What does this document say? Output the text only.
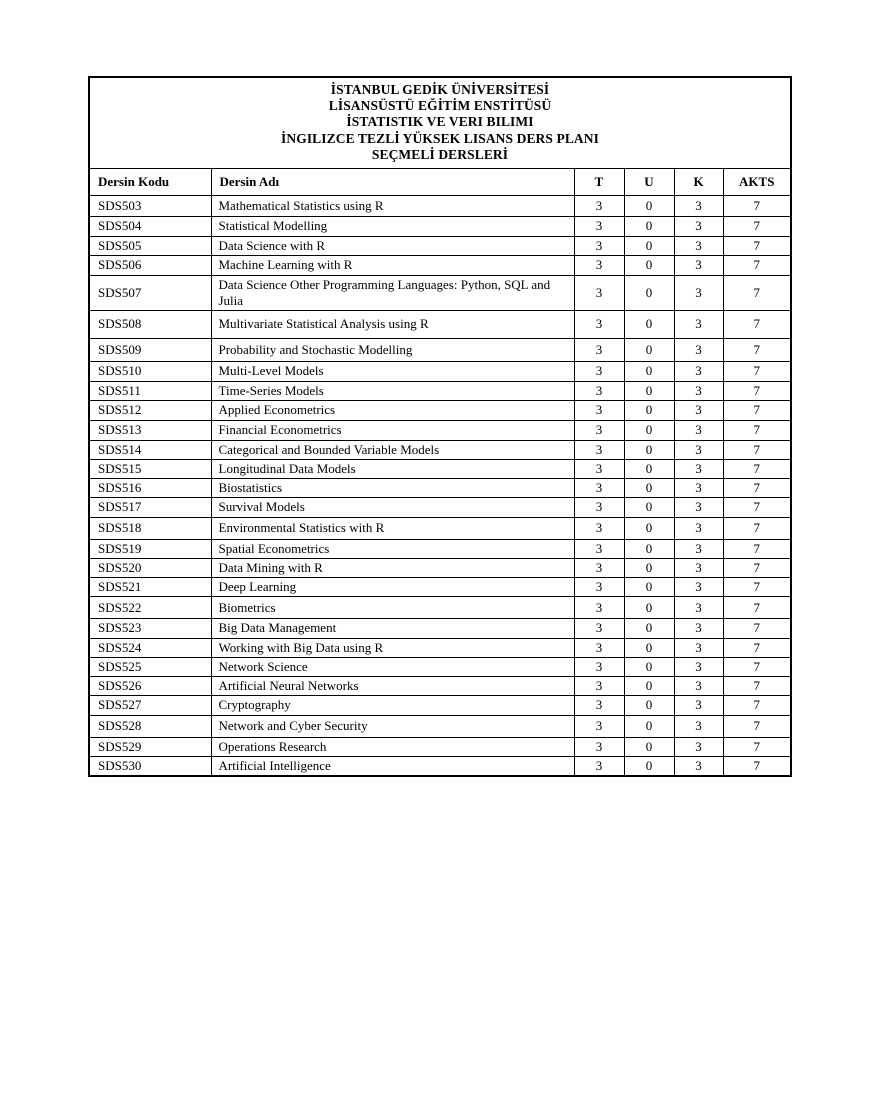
İSTANBUL GEDİK ÜNİVERSİTESİ
LİSANSÜSTÜ EĞİTİM ENSTİTÜSÜ
İSTATISTIK VE VERI BILIMI
İNGILIZCE TEZLİ YÜKSEK LISANS DERS PLANI
SEÇMELİ DERSLERİ					

Dersin Kodu	Dersin Adı	T	U	K	AKTS
SDS503	Mathematical Statistics using R	3	0	3	7
SDS504	Statistical Modelling	3	0	3	7
SDS505	Data Science with R	3	0	3	7
SDS506	Machine Learning with R	3	0	3	7
SDS507	Data Science Other Programming Languages: Python, SQL and Julia	3	0	3	7
SDS508	Multivariate Statistical Analysis using R	3	0	3	7
SDS509	Probability and Stochastic Modelling	3	0	3	7
SDS510	Multi-Level Models	3	0	3	7
SDS511	Time-Series Models	3	0	3	7
SDS512	Applied Econometrics	3	0	3	7
SDS513	Financial Econometrics	3	0	3	7
SDS514	Categorical and Bounded Variable Models	3	0	3	7
SDS515	Longitudinal Data Models	3	0	3	7
SDS516	Biostatistics	3	0	3	7
SDS517	Survival Models	3	0	3	7
SDS518	Environmental Statistics with R	3	0	3	7
SDS519	Spatial Econometrics	3	0	3	7
SDS520	Data Mining with R	3	0	3	7
SDS521	Deep Learning	3	0	3	7
SDS522	Biometrics	3	0	3	7
SDS523	Big Data Management	3	0	3	7
SDS524	Working with Big Data using R	3	0	3	7
SDS525	Network Science	3	0	3	7
SDS526	Artificial Neural Networks	3	0	3	7
SDS527	Cryptography	3	0	3	7
SDS528	Network and Cyber Security	3	0	3	7
SDS529	Operations Research	3	0	3	7
SDS530	Artificial Intelligence	3	0	3	7
